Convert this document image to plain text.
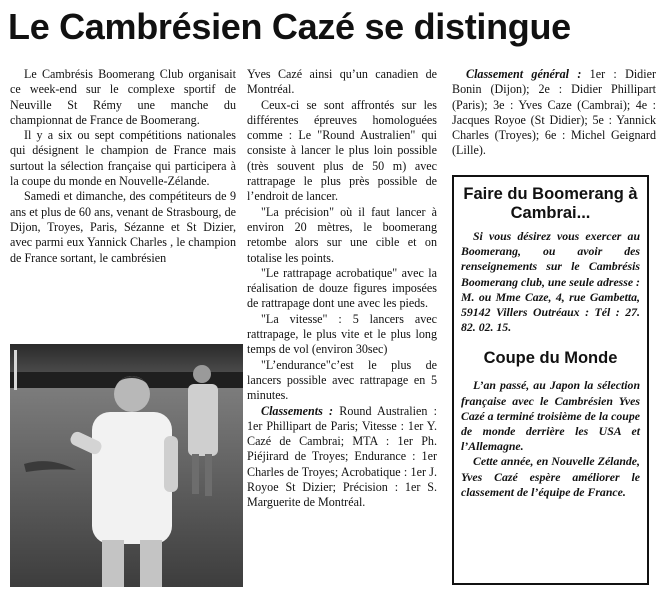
Le Cambrésien Cazé se distingue

Le Cambrésis Boomerang Club organisait ce week-end sur le complexe sportif de Neuville St Rémy une manche du championnat de France de Boomerang.

Il y a six ou sept compétitions nationales qui désignent le champion de France mais surtout la sélection française qui participera à la coupe du monde en Nouvelle-Zélande.

Samedi et dimanche, des compétiteurs de 9 ans et plus de 60 ans, venant de Strasbourg, de Dijon, Troyes, Paris, Sézanne et St Dizier, avec parmi eux Yannick Charles , le champion de France sortant, le cambrésien

Yves Cazé ainsi qu’un canadien de Montréal.

Ceux-ci se sont affrontés sur les différentes épreuves homologuées comme : Le "Round Australien" qui consiste à lancer le plus loin possible (très souvent plus de 50 m) avec rattrapage le plus près possible de l’endroit de lancer.

"La précision" où il faut lancer à environ 20 mètres, le boomerang retombe alors sur une cible et on totalise les points.

"Le rattrapage acrobatique" avec la réalisation de douze figures imposées de rattrapage dont une avec les pieds.

"La vitesse" : 5 lancers avec rattrapage, le plus vite et le plus long temps de vol (environ 30sec)

"L’endurance"c’est le plus de lancers possible avec rattrapage en 5 minutes.

Classements : Round Australien : 1er Phillipart de Paris; Vitesse : 1er Y. Cazé de Cambrai; MTA : 1er Ph. Piéjirard de Troyes; Endurance : 1er Charles de Troyes; Acrobatique : 1er J. Royoe St Dizier; Précision : 1er S. Marguerite de Montréal.

Classement général : 1er : Didier Bonin (Dijon); 2e : Didier Phillipart (Paris); 3e : Yves Caze (Cambrai); 4e : Jacques Royoe (St Didier); 5e : Yannick Charles (Troyes); 6e : Michel Geignard (Lille).

Faire du Boomerang à Cambrai...

Si vous désirez vous exercer au Boomerang, ou avoir des renseignements sur le Cambrésis Boomerang club, une seule adresse : M. ou Mme Caze, 4, rue Gambetta, 59142 Villers Outréaux : Tél : 27. 82. 02. 15.

Coupe du Monde

L’an passé, au Japon la sélection française avec le Cambrésien Yves Cazé a terminé troisième de la coupe de monde derrière les USA et l’Allemagne.

Cette année, en Nouvelle Zélande, Yves Cazé espère améliorer le classement de l’équipe de France.
